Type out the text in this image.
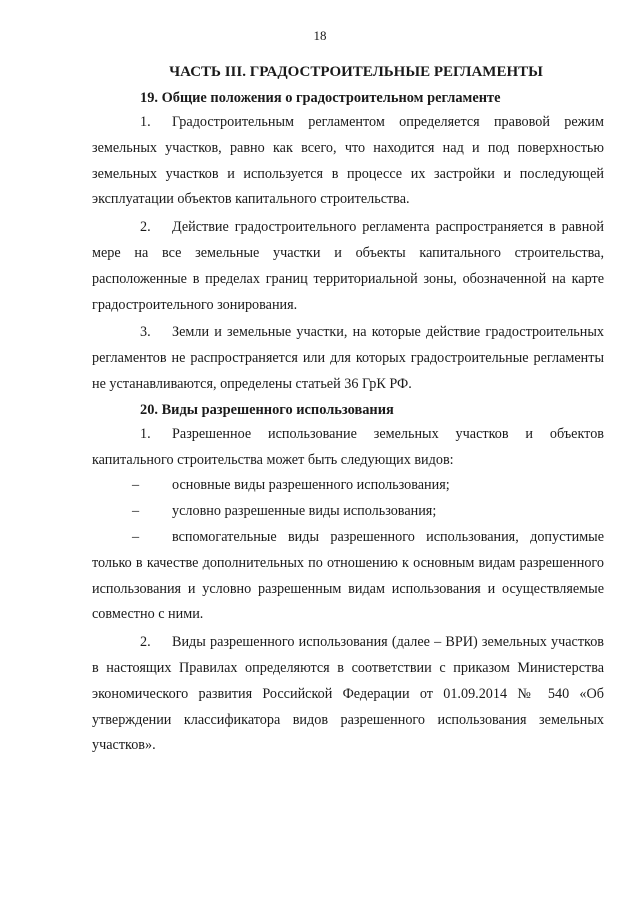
18
ЧАСТЬ III. ГРАДОСТРОИТЕЛЬНЫЕ РЕГЛАМЕНТЫ
19. Общие положения о градостроительном регламенте

1. Градостроительным регламентом определяется правовой режим земельных участков, равно как всего, что находится над и под поверхностью земельных участков и используется в процессе их застройки и последующей эксплуатации объектов капитального строительства.

2. Действие градостроительного регламента распространяется в равной мере на все земельные участки и объекты капитального строительства, расположенные в пределах границ территориальной зоны, обозначенной на карте градостроительного зонирования.

3. Земли и земельные участки, на которые действие градостроительных регламентов не распространяется или для которых градостроительные регламенты не устанавливаются, определены статьей 36 ГрК РФ.

20. Виды разрешенного использования

1. Разрешенное использование земельных участков и объектов капитального строительства может быть следующих видов:

– основные виды разрешенного использования;

– условно разрешенные виды использования;

– вспомогательные виды разрешенного использования, допустимые только в качестве дополнительных по отношению к основным видам разрешенного использования и условно разрешенным видам использования и осуществляемые совместно с ними.

2. Виды разрешенного использования (далее – ВРИ) земельных участков в настоящих Правилах определяются в соответствии с приказом Министерства экономического развития Российской Федерации от 01.09.2014 № 540 «Об утверждении классификатора видов разрешенного использования земельных участков».
